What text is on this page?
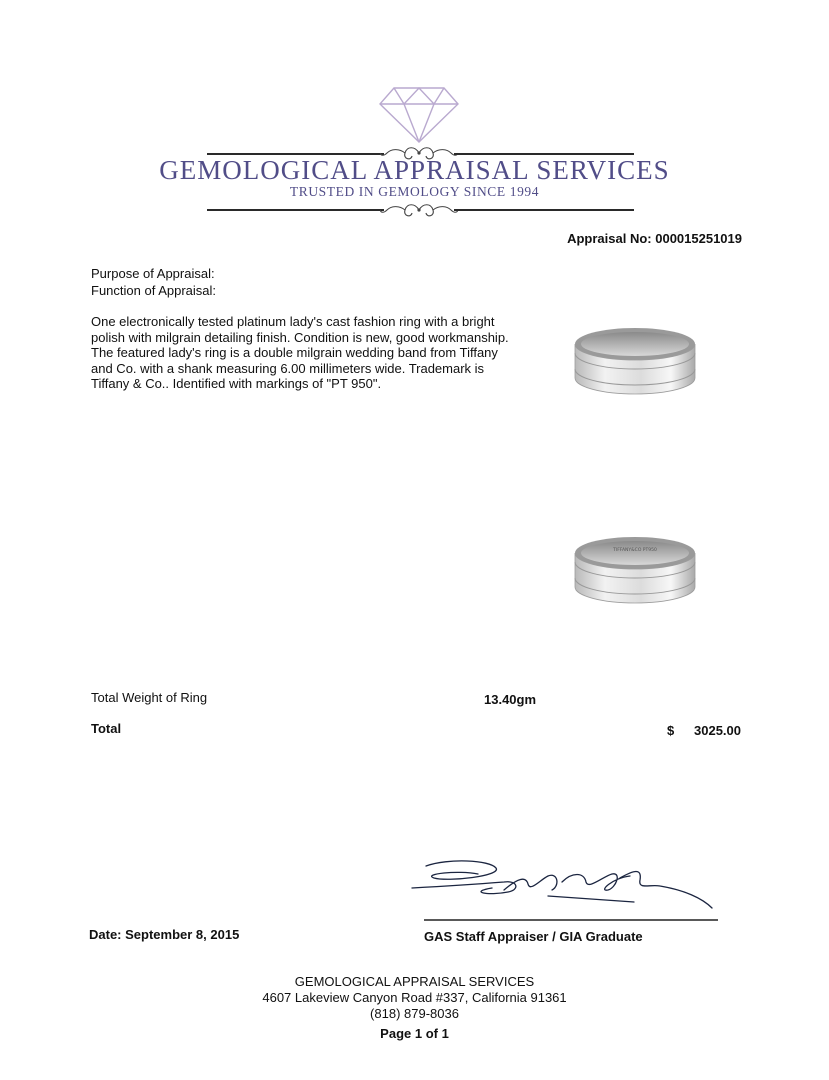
GEMOLOGICAL APPRAISAL SERVICES
TRUSTED IN GEMOLOGY SINCE 1994
Appraisal No: 000015251019
Purpose of Appraisal:
Function of Appraisal:
One electronically tested platinum lady's cast fashion ring with a bright polish with milgrain detailing finish. Condition is new, good workmanship. The featured lady's ring is a double milgrain wedding band from Tiffany and Co. with a shank measuring 6.00 millimeters wide. Trademark is Tiffany & Co.. Identified with markings of "PT 950".
TIFFANY&CO PT950
Total Weight of Ring	13.40gm
Total	$ 3025.00
Date: September 8, 2015	GAS Staff Appraiser / GIA Graduate
GEMOLOGICAL APPRAISAL SERVICES
4607 Lakeview Canyon Road #337, California 91361
(818) 879-8036
Page 1 of 1
